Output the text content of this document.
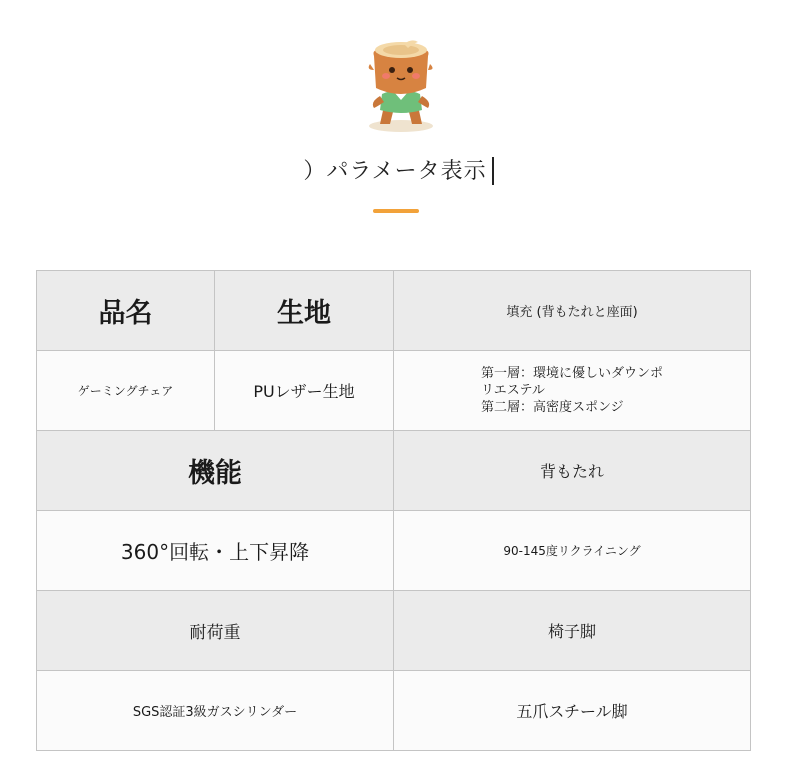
）パラメータ表示
品名	生地	填充 (背もたれと座面)
ゲーミングチェア	PUレザー生地	第一層：環境に優しいダウンポ
リエステル
第二層：高密度スポンジ
機能		背もたれ
360°回転・上下昇降		90-145度リクライニング
耐荷重		椅子脚
SGS認証3級ガスシリンダー		五爪スチール脚
